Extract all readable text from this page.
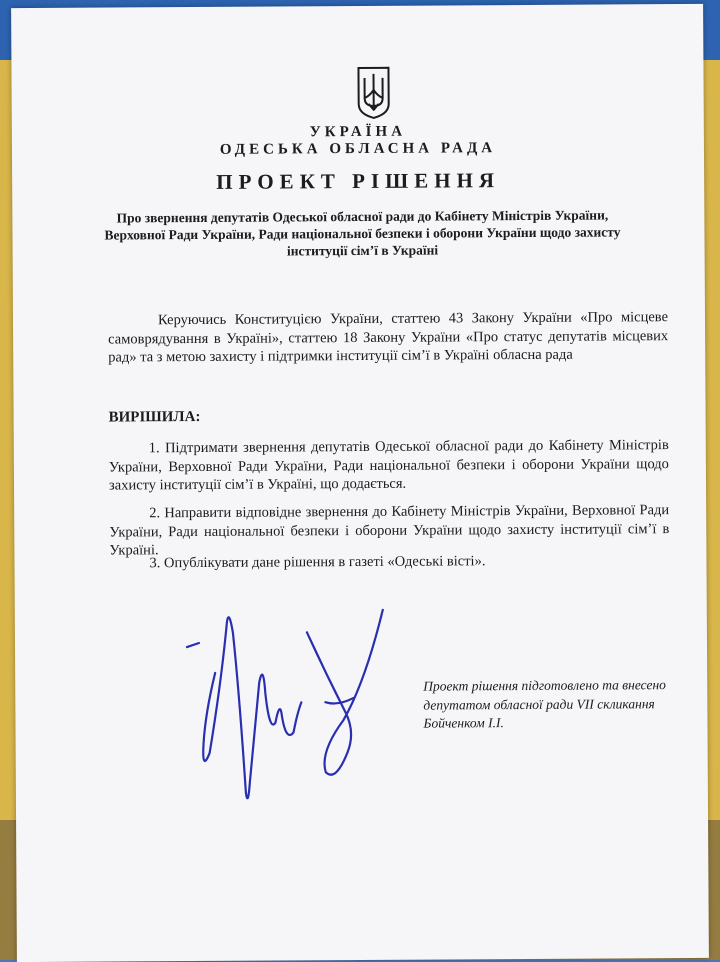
УКРАЇНА
ОДЕСЬКА ОБЛАСНА РАДА
ПРОЕКТ РІШЕННЯ
Про звернення депутатів Одеської обласної ради до Кабінету Міністрів України, Верховної Ради України, Ради національної безпеки і оборони України щодо захисту інституції сім’ї в Україні
Керуючись Конституцією України, статтею 43 Закону України «Про місцеве самоврядування в Україні», статтею 18 Закону України «Про статус депутатів місцевих рад» та з метою захисту і підтримки інституції сім’ї в Україні обласна рада
ВИРІШИЛА:
1. Підтримати звернення депутатів Одеської обласної ради до Кабінету Міністрів України, Верховної Ради України, Ради національної безпеки і оборони України щодо захисту інституції сім’ї в Україні, що додається.
2. Направити відповідне звернення до Кабінету Міністрів України, Верховної Ради України, Ради національної безпеки і оборони України щодо захисту інституції сім’ї в Україні.
3. Опублікувати дане рішення в газеті «Одеські вісті».
Проект рішення підготовлено та внесено депутатом обласної ради VII скликання Бойченком І.І.
